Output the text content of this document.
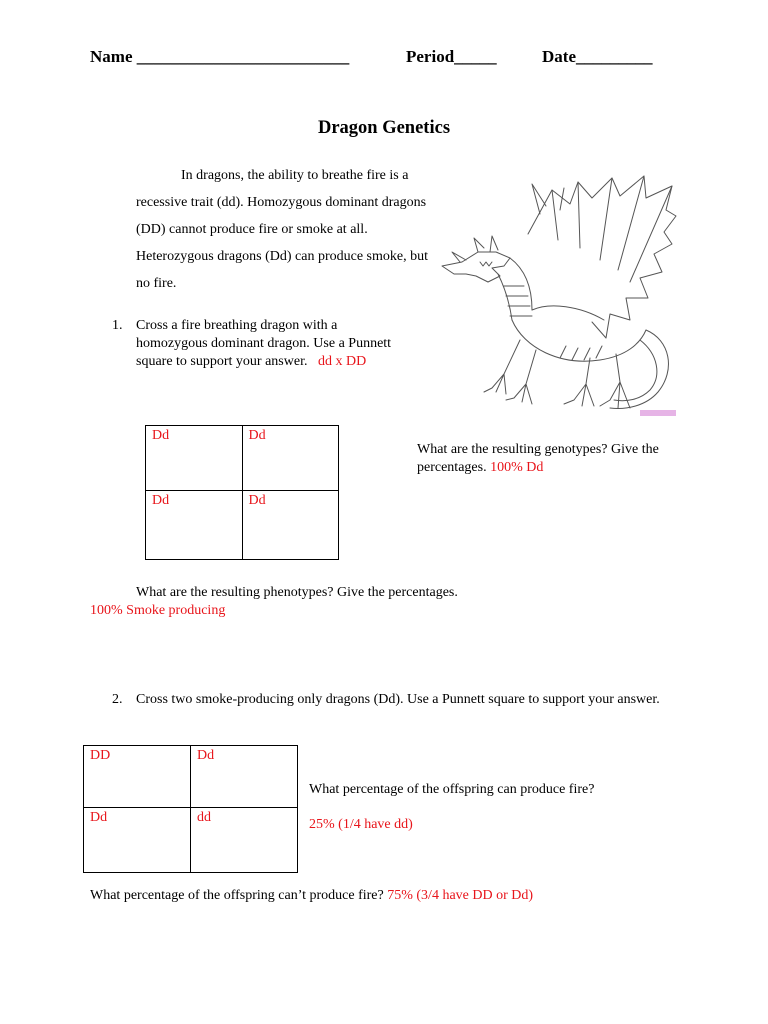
Name _________________________	Period_____	Date_________
Dragon Genetics
In dragons, the ability to breathe fire is a recessive trait (dd). Homozygous dominant dragons (DD) cannot produce fire or smoke at all. Heterozygous dragons (Dd) can produce smoke, but no fire.
1. Cross a fire breathing dragon with a homozygous dominant dragon. Use a Punnett square to support your answer. dd x DD
Dd	Dd
Dd	Dd
What are the resulting genotypes? Give the percentages. 100% Dd
What are the resulting phenotypes? Give the percentages.
100% Smoke producing
2. Cross two smoke-producing only dragons (Dd). Use a Punnett square to support your answer.
DD	Dd
Dd	dd
What percentage of the offspring can produce fire?
25% (1/4 have dd)
What percentage of the offspring can’t produce fire? 75% (3/4 have DD or Dd)
